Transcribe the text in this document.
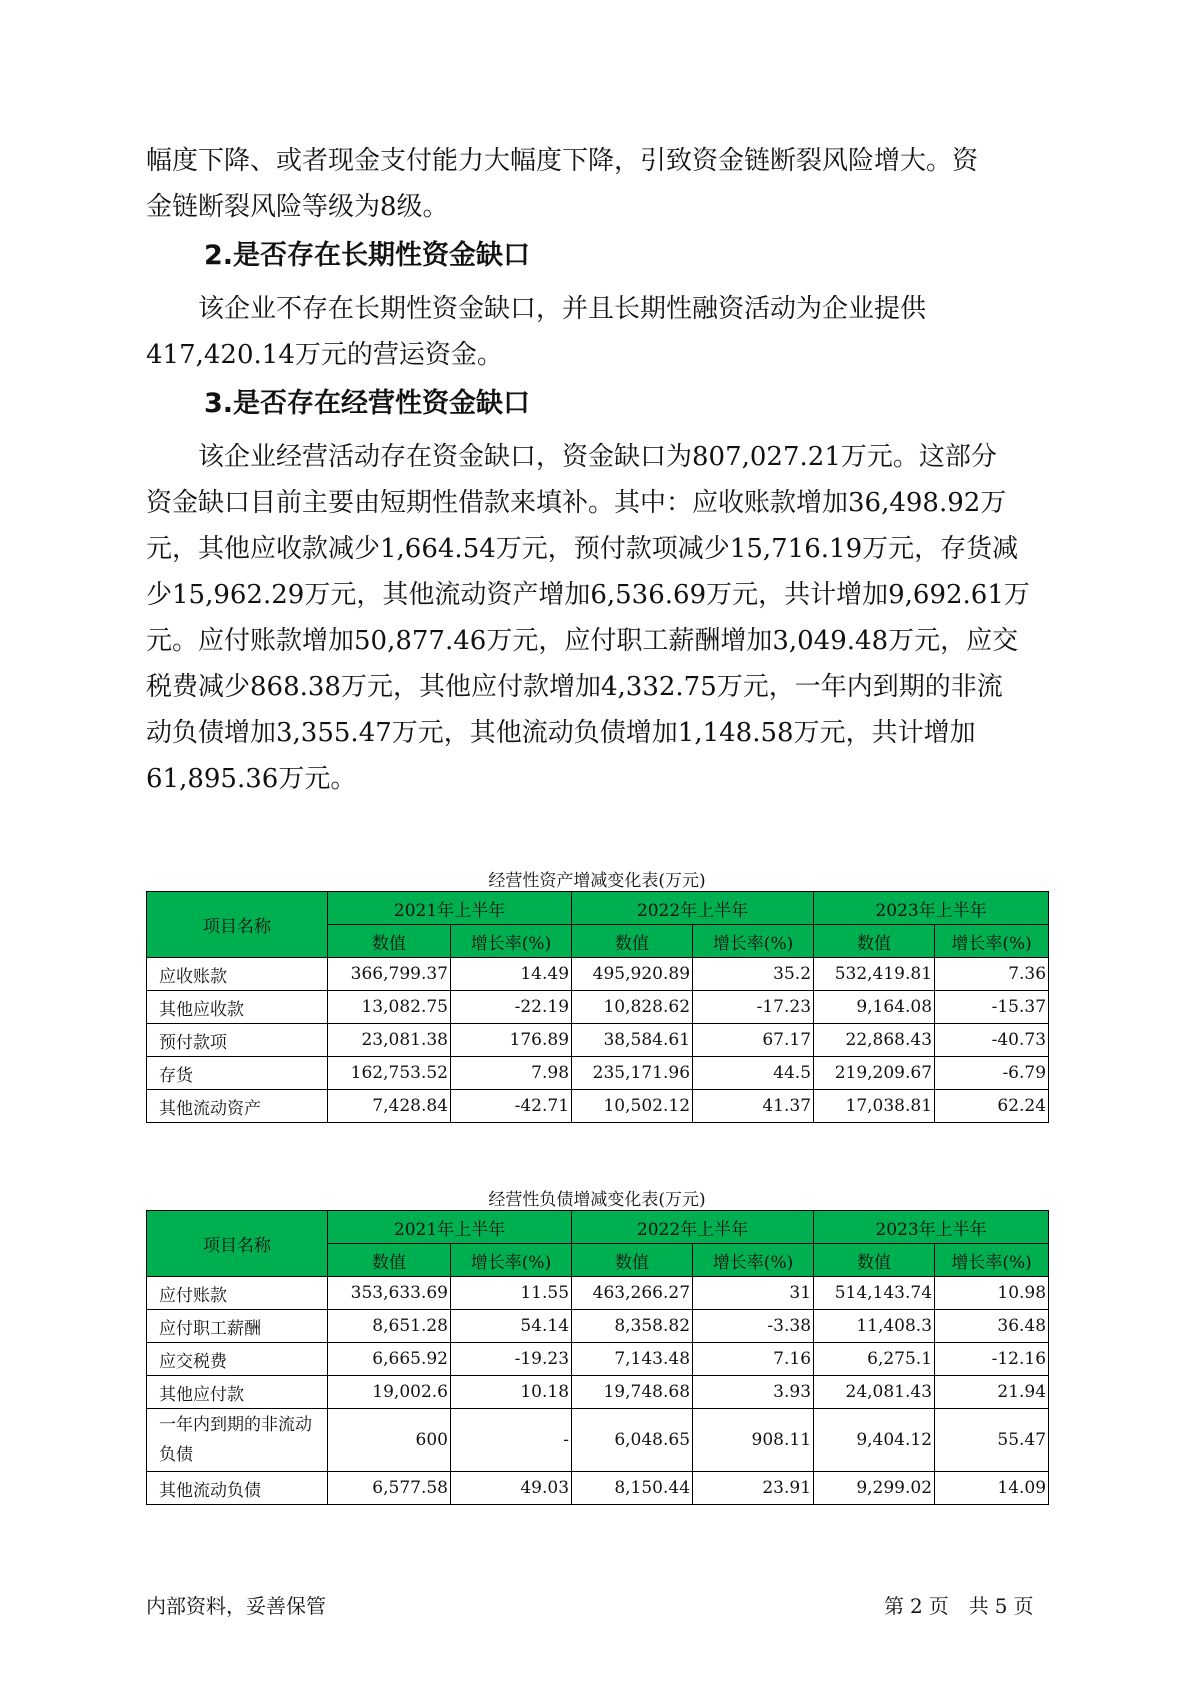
幅度下降、或者现金支付能力大幅度下降，引致资金链断裂风险增大。资
金链断裂风险等级为8级。
2.是否存在长期性资金缺口
该企业不存在长期性资金缺口，并且长期性融资活动为企业提供
417,420.14万元的营运资金。
3.是否存在经营性资金缺口
该企业经营活动存在资金缺口，资金缺口为807,027.21万元。这部分
资金缺口目前主要由短期性借款来填补。其中：应收账款增加36,498.92万
元，其他应收款减少1,664.54万元，预付款项减少15,716.19万元，存货减
少15,962.29万元，其他流动资产增加6,536.69万元，共计增加9,692.61万
元。应付账款增加50,877.46万元，应付职工薪酬增加3,049.48万元，应交
税费减少868.38万元，其他应付款增加4,332.75万元，一年内到期的非流
动负债增加3,355.47万元，其他流动负债增加1,148.58万元，共计增加
61,895.36万元。
经营性资产增减变化表(万元)
项目名称	2021年上半年		2022年上半年		2023年上半年	
	数值	增长率(%)	数值	增长率(%)	数值	增长率(%)
应收账款	366,799.37	14.49	495,920.89	35.2	532,419.81	7.36
其他应收款	13,082.75	-22.19	10,828.62	-17.23	9,164.08	-15.37
预付款项	23,081.38	176.89	38,584.61	67.17	22,868.43	-40.73
存货	162,753.52	7.98	235,171.96	44.5	219,209.67	-6.79
其他流动资产	7,428.84	-42.71	10,502.12	41.37	17,038.81	62.24
经营性负债增减变化表(万元)
项目名称	2021年上半年		2022年上半年		2023年上半年	
	数值	增长率(%)	数值	增长率(%)	数值	增长率(%)
应付账款	353,633.69	11.55	463,266.27	31	514,143.74	10.98
应付职工薪酬	8,651.28	54.14	8,358.82	-3.38	11,408.3	36.48
应交税费	6,665.92	-19.23	7,143.48	7.16	6,275.1	-12.16
其他应付款	19,002.6	10.18	19,748.68	3.93	24,081.43	21.94
一年内到期的非流动负债	600	-	6,048.65	908.11	9,404.12	55.47
其他流动负债	6,577.58	49.03	8,150.44	23.91	9,299.02	14.09
内部资料，妥善保管	第 2 页 共 5 页
